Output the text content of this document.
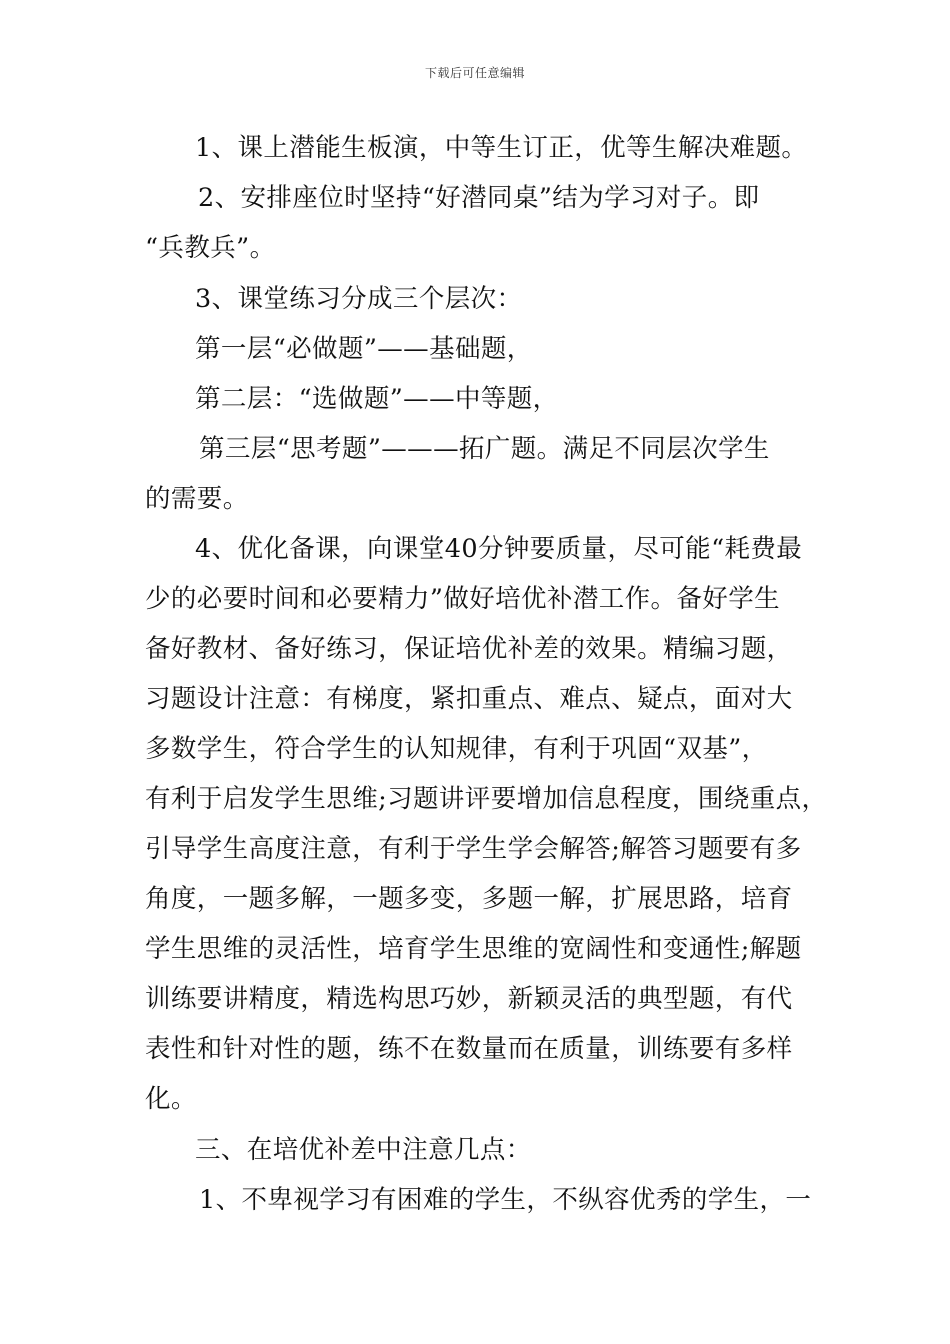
下载后可任意编辑
1、课上潜能生板演，中等生订正，优等生解决难题。
2、安排座位时坚持“好潜同桌”结为学习对子。即
“兵教兵”。
3、课堂练习分成三个层次：
第一层“必做题”——基础题，
第二层：“选做题”——中等题，
第三层“思考题”———拓广题。满足不同层次学生
的需要。
4、优化备课，向课堂40分钟要质量，尽可能“耗费最
少的必要时间和必要精力”做好培优补潜工作。备好学生
备好教材、备好练习，保证培优补差的效果。精编习题，
习题设计注意：有梯度，紧扣重点、难点、疑点，面对大
多数学生，符合学生的认知规律，有利于巩固“双基”，
有利于启发学生思维;习题讲评要增加信息程度，围绕重点，
引导学生高度注意，有利于学生学会解答;解答习题要有多
角度，一题多解，一题多变，多题一解，扩展思路，培育
学生思维的灵活性，培育学生思维的宽阔性和变通性;解题
训练要讲精度，精选构思巧妙，新颖灵活的典型题，有代
表性和针对性的题，练不在数量而在质量，训练要有多样
化。
三、在培优补差中注意几点：
1、不卑视学习有困难的学生，不纵容优秀的学生，一
